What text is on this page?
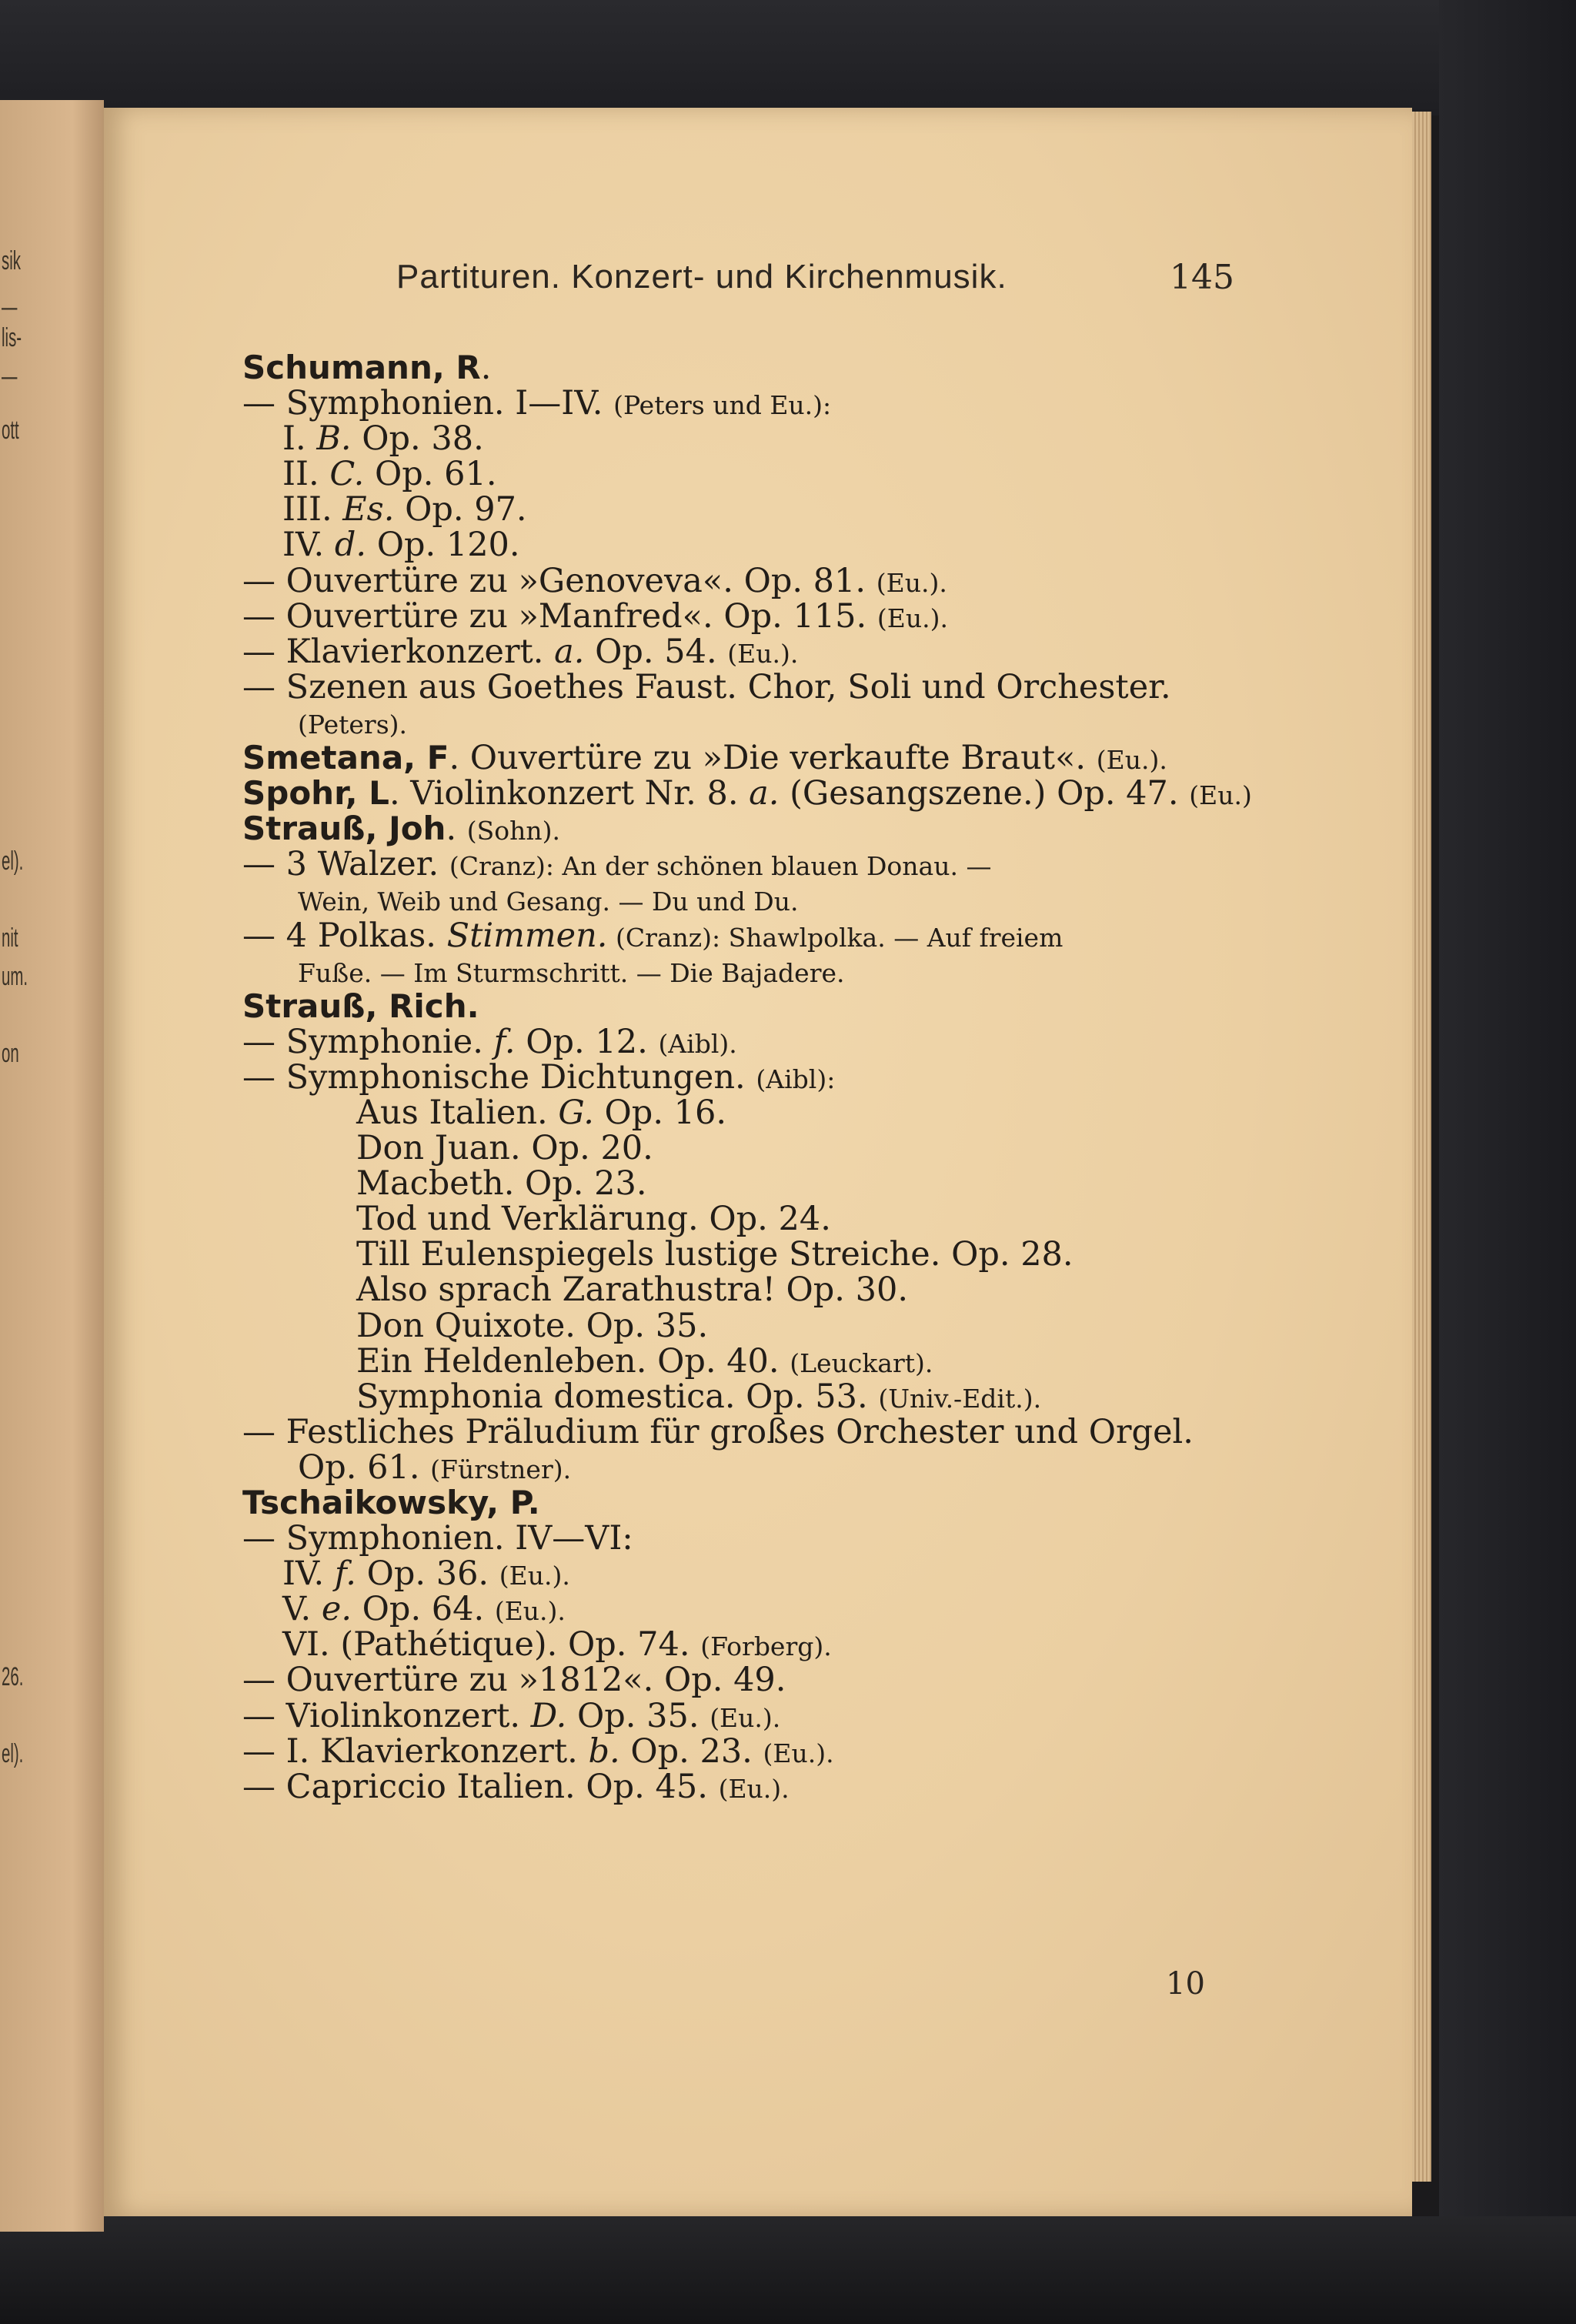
sik
—
lis-
—
ott
el).
nit
um.
on
26.
el).
Partituren. Konzert- und Kirchenmusik.	145
Schumann, R.
— Symphonien. I—IV. (Peters und Eu.):
I. B. Op. 38.
II. C. Op. 61.
III. Es. Op. 97.
IV. d. Op. 120.
— Ouvertüre zu »Genoveva«. Op. 81. (Eu.).
— Ouvertüre zu »Manfred«. Op. 115. (Eu.).
— Klavierkonzert. a. Op. 54. (Eu.).
— Szenen aus Goethes Faust. Chor, Soli und Orchester.
(Peters).
Smetana, F. Ouvertüre zu »Die verkaufte Braut«. (Eu.).
Spohr, L. Violinkonzert Nr. 8. a. (Gesangszene.) Op. 47. (Eu.)
Strauß, Joh. (Sohn).
— 3 Walzer. (Cranz): An der schönen blauen Donau. —
Wein, Weib und Gesang. — Du und Du.
— 4 Polkas. Stimmen. (Cranz): Shawlpolka. — Auf freiem
Fuße. — Im Sturmschritt. — Die Bajadere.
Strauß, Rich.
— Symphonie. f. Op. 12. (Aibl).
— Symphonische Dichtungen. (Aibl):
Aus Italien. G. Op. 16.
Don Juan. Op. 20.
Macbeth. Op. 23.
Tod und Verklärung. Op. 24.
Till Eulenspiegels lustige Streiche. Op. 28.
Also sprach Zarathustra! Op. 30.
Don Quixote. Op. 35.
Ein Heldenleben. Op. 40. (Leuckart).
Symphonia domestica. Op. 53. (Univ.-Edit.).
— Festliches Präludium für großes Orchester und Orgel.
Op. 61. (Fürstner).
Tschaikowsky, P.
— Symphonien. IV—VI:
IV. f. Op. 36. (Eu.).
V. e. Op. 64. (Eu.).
VI. (Pathétique). Op. 74. (Forberg).
— Ouvertüre zu »1812«. Op. 49.
— Violinkonzert. D. Op. 35. (Eu.).
— I. Klavierkonzert. b. Op. 23. (Eu.).
— Capriccio Italien. Op. 45. (Eu.).
10
